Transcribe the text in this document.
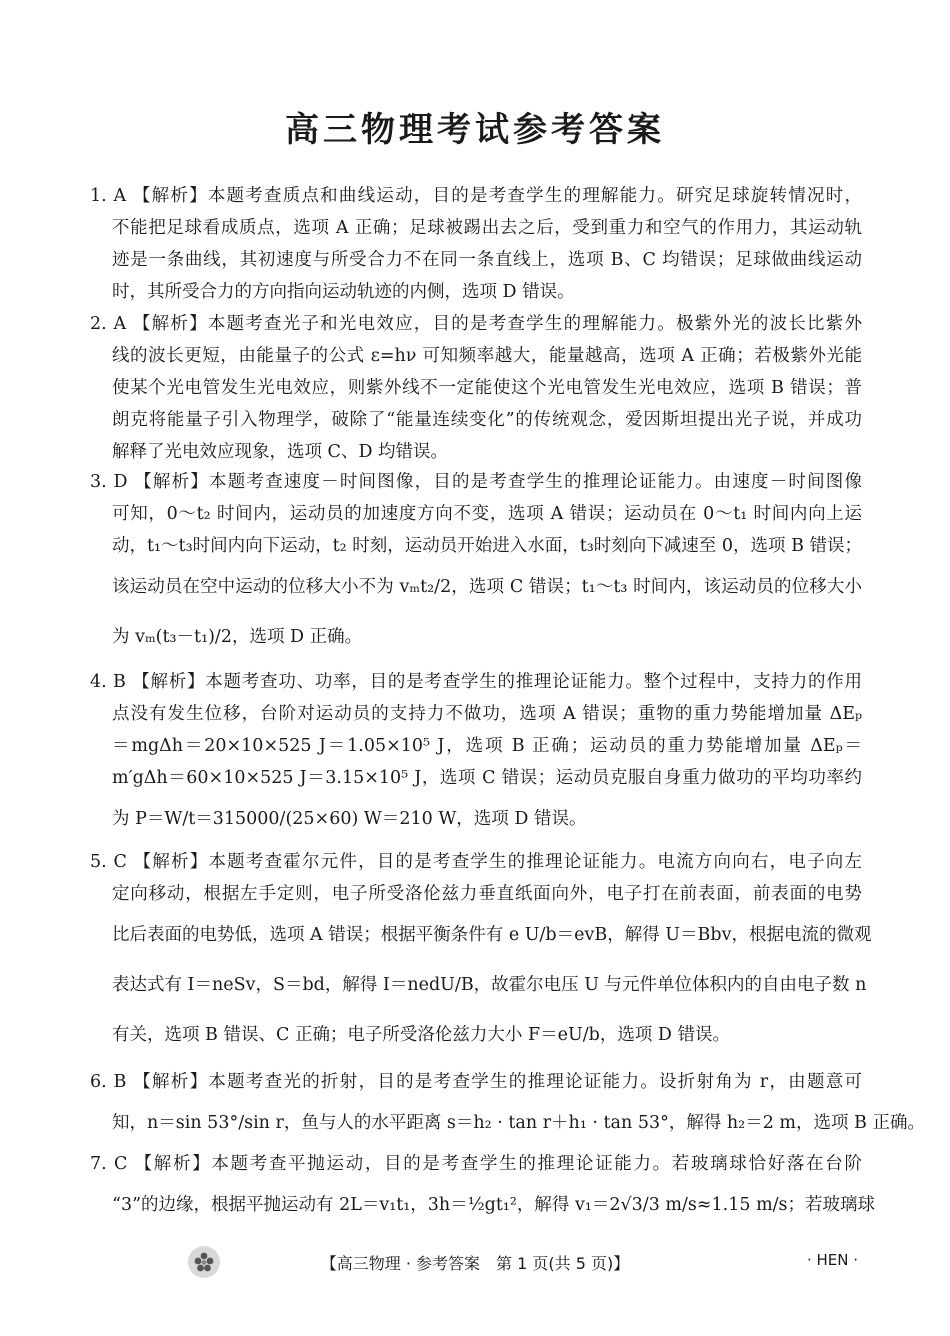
高三物理考试参考答案
1. A 【解析】本题考查质点和曲线运动，目的是考查学生的理解能力。研究足球旋转情况时，
不能把足球看成质点，选项 A 正确；足球被踢出去之后，受到重力和空气的作用力，其运动轨
迹是一条曲线，其初速度与所受合力不在同一条直线上，选项 B、C 均错误；足球做曲线运动
时，其所受合力的方向指向运动轨迹的内侧，选项 D 错误。
2. A 【解析】本题考查光子和光电效应，目的是考查学生的理解能力。极紫外光的波长比紫外
线的波长更短，由能量子的公式 ε=hν 可知频率越大，能量越高，选项 A 正确；若极紫外光能
使某个光电管发生光电效应，则紫外线不一定能使这个光电管发生光电效应，选项 B 错误；普
朗克将能量子引入物理学，破除了“能量连续变化”的传统观念，爱因斯坦提出光子说，并成功
解释了光电效应现象，选项 C、D 均错误。
3. D 【解析】本题考查速度－时间图像，目的是考查学生的推理论证能力。由速度－时间图像
可知，0～t₂ 时间内，运动员的加速度方向不变，选项 A 错误；运动员在 0～t₁ 时间内向上运
动，t₁～t₃时间内向下运动，t₂ 时刻，运动员开始进入水面，t₃时刻向下减速至 0，选项 B 错误；
该运动员在空中运动的位移大小不为 vₘt₂/2，选项 C 错误；t₁～t₃ 时间内，该运动员的位移大小
为 vₘ(t₃－t₁)/2，选项 D 正确。
4. B 【解析】本题考查功、功率，目的是考查学生的推理论证能力。整个过程中，支持力的作用
点没有发生位移，台阶对运动员的支持力不做功，选项 A 错误；重物的重力势能增加量 ΔEₚ
＝mgΔh＝20×10×525 J＝1.05×10⁵ J，选项 B 正确；运动员的重力势能增加量 ΔEₚ＝
m′gΔh＝60×10×525 J＝3.15×10⁵ J，选项 C 错误；运动员克服自身重力做功的平均功率约
为 P＝W/t＝315000/(25×60) W＝210 W，选项 D 错误。
5. C 【解析】本题考查霍尔元件，目的是考查学生的推理论证能力。电流方向向右，电子向左
定向移动，根据左手定则，电子所受洛伦兹力垂直纸面向外，电子打在前表面，前表面的电势
比后表面的电势低，选项 A 错误；根据平衡条件有 e U/b＝evB，解得 U＝Bbv，根据电流的微观
表达式有 I＝neSv，S＝bd，解得 I＝nedU/B，故霍尔电压 U 与元件单位体积内的自由电子数 n
有关，选项 B 错误、C 正确；电子所受洛伦兹力大小 F＝eU/b，选项 D 错误。
6. B 【解析】本题考查光的折射，目的是考查学生的推理论证能力。设折射角为 r，由题意可
知，n＝sin 53°/sin r，鱼与人的水平距离 s＝h₂ · tan r＋h₁ · tan 53°，解得 h₂＝2 m，选项 B 正确。
7. C 【解析】本题考查平抛运动，目的是考查学生的推理论证能力。若玻璃球恰好落在台阶
“3”的边缘，根据平抛运动有 2L＝v₁t₁，3h＝½gt₁²，解得 v₁＝2√3/3 m/s≈1.15 m/s；若玻璃球
【高三物理 · 参考答案　第 1 页(共 5 页)】	· HEN ·
